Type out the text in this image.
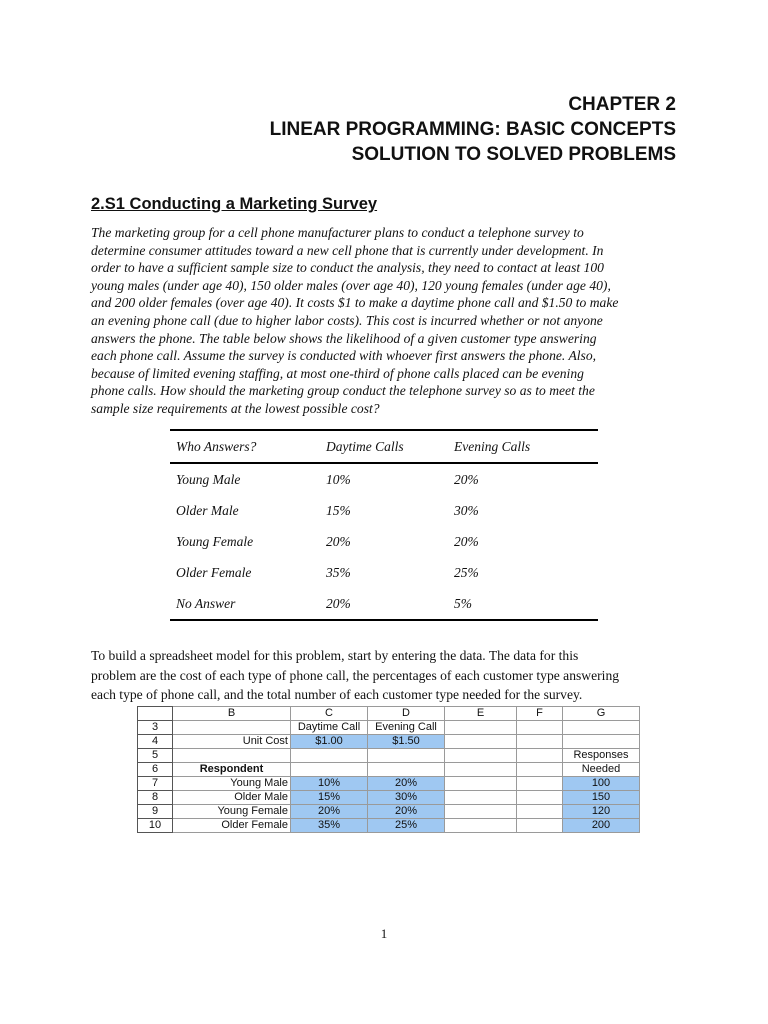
CHAPTER 2
LINEAR PROGRAMMING: BASIC CONCEPTS
SOLUTION TO SOLVED PROBLEMS
2.S1 Conducting a Marketing Survey

The marketing group for a cell phone manufacturer plans to conduct a telephone survey to
determine consumer attitudes toward a new cell phone that is currently under development. In
order to have a sufficient sample size to conduct the analysis, they need to contact at least 100
young males (under age 40), 150 older males (over age 40), 120 young females (under age 40),
and 200 older females (over age 40). It costs $1 to make a daytime phone call and $1.50 to make
an evening phone call (due to higher labor costs). This cost is incurred whether or not anyone
answers the phone. The table below shows the likelihood of a given customer type answering
each phone call. Assume the survey is conducted with whoever first answers the phone. Also,
because of limited evening staffing, at most one-third of phone calls placed can be evening
phone calls. How should the marketing group conduct the telephone survey so as to meet the
sample size requirements at the lowest possible cost?

Who Answers?	Daytime Calls	Evening Calls
Young Male	10%	20%
Older Male	15%	30%
Young Female	20%	20%
Older Female	35%	25%
No Answer	20%	5%

To build a spreadsheet model for this problem, start by entering the data. The data for this
problem are the cost of each type of phone call, the percentages of each customer type answering
each type of phone call, and the total number of each customer type needed for the survey.

	B	C	D	E	F	G
3		Daytime Call	Evening Call			
4	Unit Cost	$1.00	$1.50			
5						Responses
6	Respondent					Needed
7	Young Male	10%	20%			100
8	Older Male	15%	30%			150
9	Young Female	20%	20%			120
10	Older Female	35%	25%			200
1
